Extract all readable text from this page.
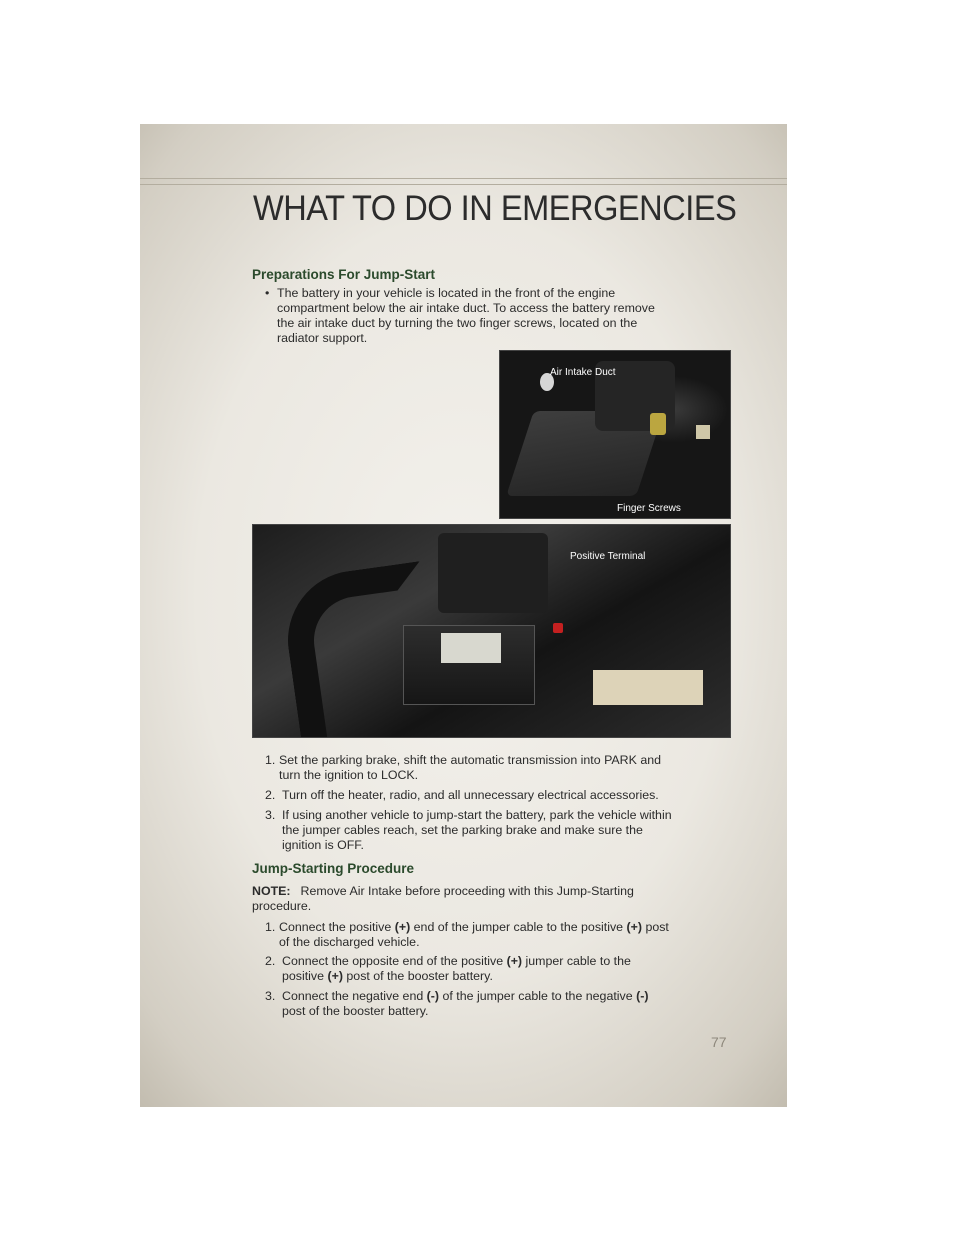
WHAT TO DO IN EMERGENCIES
Preparations For Jump-Start
• The battery in your vehicle is located in the front of the engine
compartment below the air intake duct. To access the battery remove
the air intake duct by turning the two finger screws, located on the
radiator support.
Air Intake Duct
Finger Screws
Positive Terminal
1. Set the parking brake, shift the automatic transmission into PARK and
turn the ignition to LOCK.
2. Turn off the heater, radio, and all unnecessary electrical accessories.
3. If using another vehicle to jump-start the battery, park the vehicle within
the jumper cables reach, set the parking brake and make sure the
ignition is OFF.
Jump-Starting Procedure
NOTE: Remove Air Intake before proceeding with this Jump-Starting
procedure.
1. Connect the positive (+) end of the jumper cable to the positive (+) post
of the discharged vehicle.
2. Connect the opposite end of the positive (+) jumper cable to the
positive (+) post of the booster battery.
3. Connect the negative end (-) of the jumper cable to the negative (-)
post of the booster battery.
77
